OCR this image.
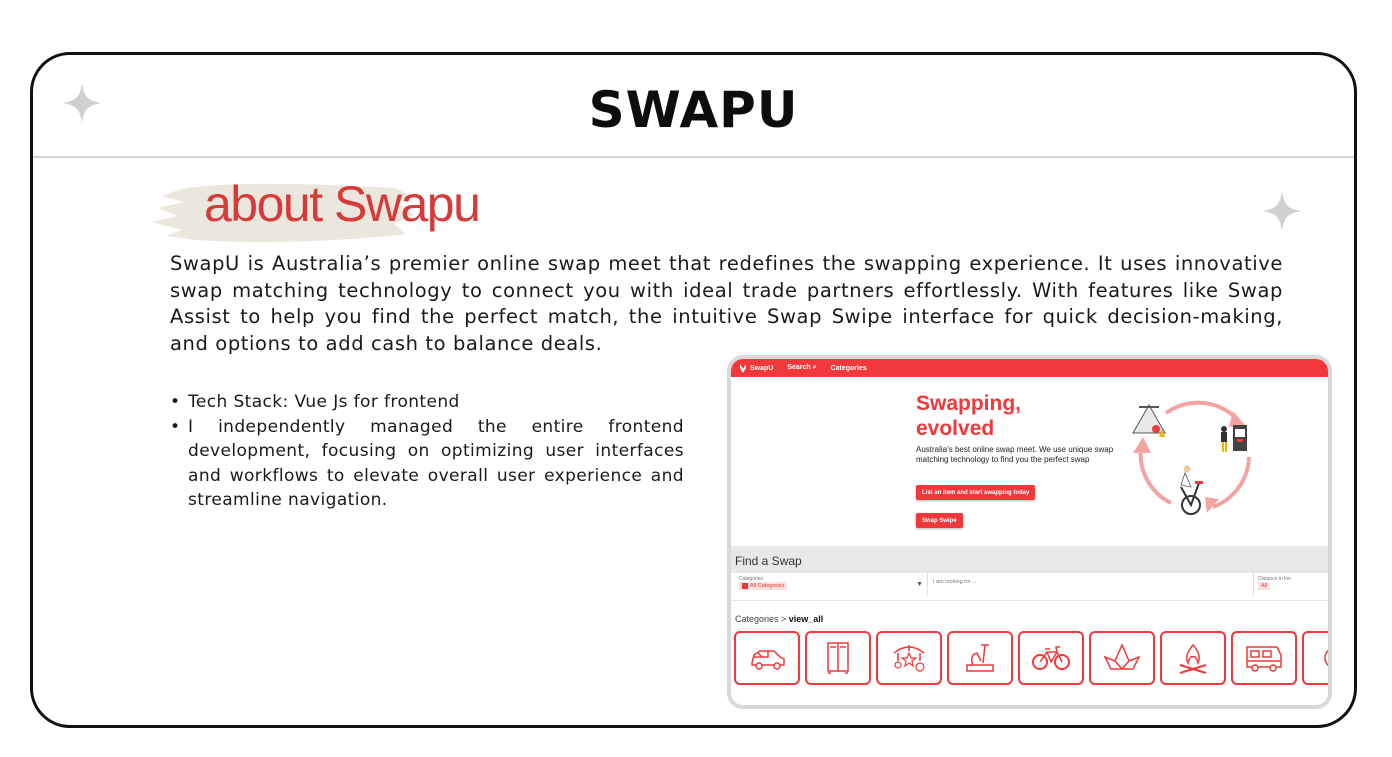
SWAPU
about Swapu

SwapU is Australia’s premier online swap meet that redefines the swapping experience. It uses innovative swap matching technology to connect you with ideal trade partners effortlessly. With features like Swap Assist to help you find the perfect match, the intuitive Swap Swipe interface for quick decision-making, and options to add cash to balance deals.

• Tech Stack: Vue Js for frontend
• I independently managed the entire frontend development, focusing on optimizing user interfaces and workflows to elevate overall user experience and streamline navigation.
SwapU Search ⌕ Categories
Swapping,
evolved
Australia’s best online swap meet. We use unique swap matching technology to find you the perfect swap
List an item and start swapping today
Swap Swipe
Find a Swap
Categories
All Categories	▼ I am looking for ...	Distance in km
All
Categories > view_all
